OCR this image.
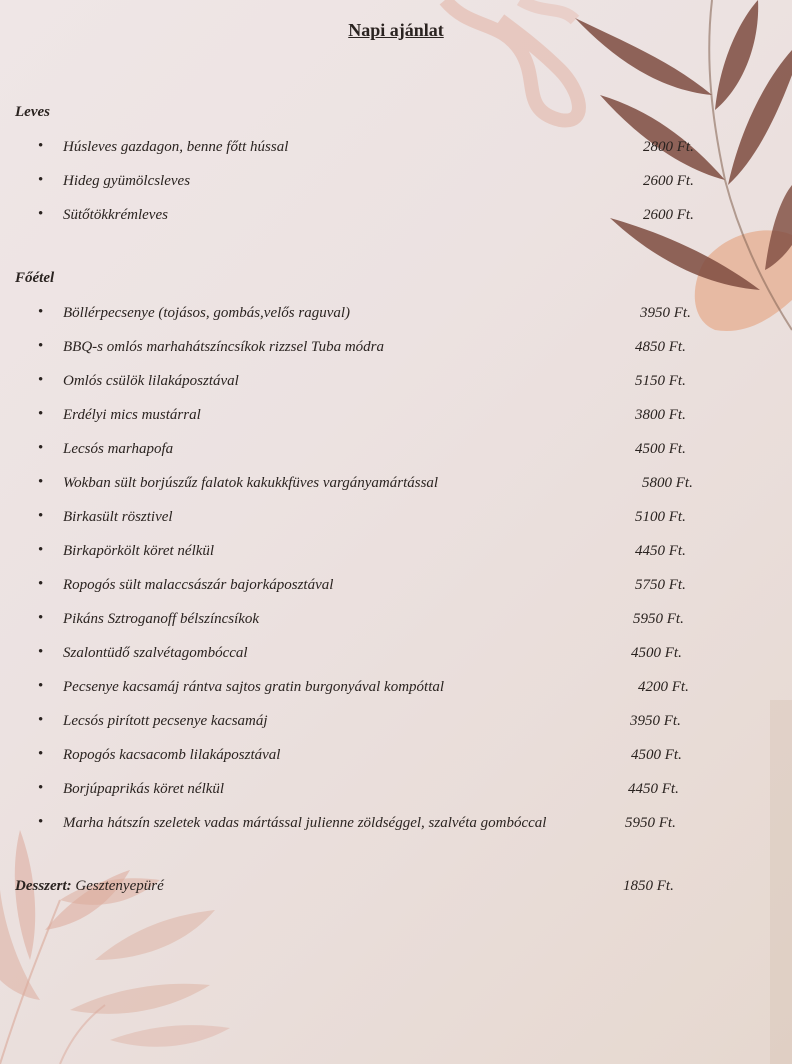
Napi ajánlat
Leves
• Húsleves gazdagon, benne főtt hússal	2800 Ft.
• Hideg gyümölcsleves	2600 Ft.
• Sütőtökkrémleves	2600 Ft.
Főétel
• Böllérpecsenye (tojásos, gombás,velős raguval)	3950 Ft.
• BBQ-s omlós marhahátszíncsíkok rizzsel Tuba módra	4850 Ft.
• Omlós csülök lilakáposztával	5150 Ft.
• Erdélyi mics mustárral	3800 Ft.
• Lecsós marhapofa	4500 Ft.
• Wokban sült borjúszűz falatok kakukkfüves vargányamártással	5800 Ft.
• Birkasült rösztivel	5100 Ft.
• Birkapörkölt köret nélkül	4450 Ft.
• Ropogós sült malaccsászár bajorkáposztával	5750 Ft.
• Pikáns Sztroganoff bélszíncsíkok	5950 Ft.
• Szalontüdő szalvétagombóccal	4500 Ft.
• Pecsenye kacsamáj rántva sajtos gratin burgonyával kompóttal	4200 Ft.
• Lecsós pirított pecsenye kacsamáj	3950 Ft.
• Ropogós kacsacomb lilakáposztával	4500 Ft.
• Borjúpaprikás köret nélkül	4450 Ft.
• Marha hátszín szeletek vadas mártással julienne zöldséggel, szalvéta gombóccal	5950 Ft.
Desszert: Gesztenyepüré	1850 Ft.
